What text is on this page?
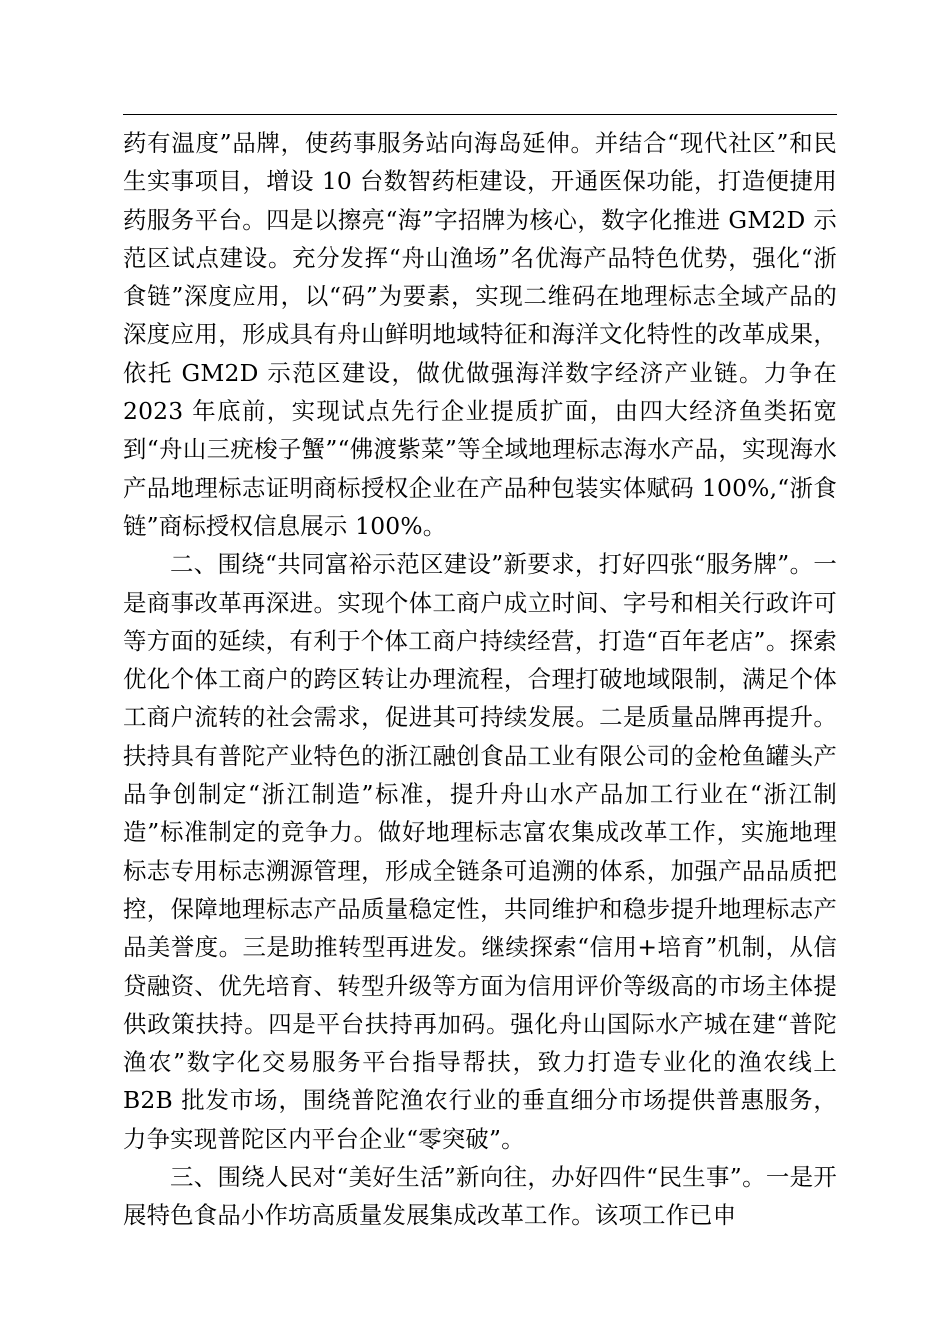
药有温度”品牌，使药事服务站向海岛延伸。并结合“现代社区”和民生实事项目，增设 10 台数智药柜建设，开通医保功能，打造便捷用药服务平台。四是以擦亮“海”字招牌为核心，数字化推进 GM2D 示范区试点建设。充分发挥“舟山渔场”名优海产品特色优势，强化“浙食链”深度应用，以“码”为要素，实现二维码在地理标志全域产品的深度应用，形成具有舟山鲜明地域特征和海洋文化特性的改革成果，依托 GM2D 示范区建设，做优做强海洋数字经济产业链。力争在 2023 年底前，实现试点先行企业提质扩面，由四大经济鱼类拓宽到“舟山三疣梭子蟹”“佛渡紫菜”等全域地理标志海水产品，实现海水产品地理标志证明商标授权企业在产品种包装实体赋码 100%,“浙食链”商标授权信息展示 100%。

二、围绕“共同富裕示范区建设”新要求，打好四张“服务牌”。一是商事改革再深进。实现个体工商户成立时间、字号和相关行政许可等方面的延续，有利于个体工商户持续经营，打造“百年老店”。探索优化个体工商户的跨区转让办理流程，合理打破地域限制，满足个体工商户流转的社会需求，促进其可持续发展。二是质量品牌再提升。扶持具有普陀产业特色的浙江融创食品工业有限公司的金枪鱼罐头产品争创制定“浙江制造”标准，提升舟山水产品加工行业在“浙江制造”标准制定的竞争力。做好地理标志富农集成改革工作，实施地理标志专用标志溯源管理，形成全链条可追溯的体系，加强产品品质把控，保障地理标志产品质量稳定性，共同维护和稳步提升地理标志产品美誉度。三是助推转型再进发。继续探索“信用+培育”机制，从信贷融资、优先培育、转型升级等方面为信用评价等级高的市场主体提供政策扶持。四是平台扶持再加码。强化舟山国际水产城在建“普陀渔农”数字化交易服务平台指导帮扶，致力打造专业化的渔农线上 B2B 批发市场，围绕普陀渔农行业的垂直细分市场提供普惠服务，力争实现普陀区内平台企业“零突破”。

三、围绕人民对“美好生活”新向往，办好四件“民生事”。一是开展特色食品小作坊高质量发展集成改革工作。该项工作已申
